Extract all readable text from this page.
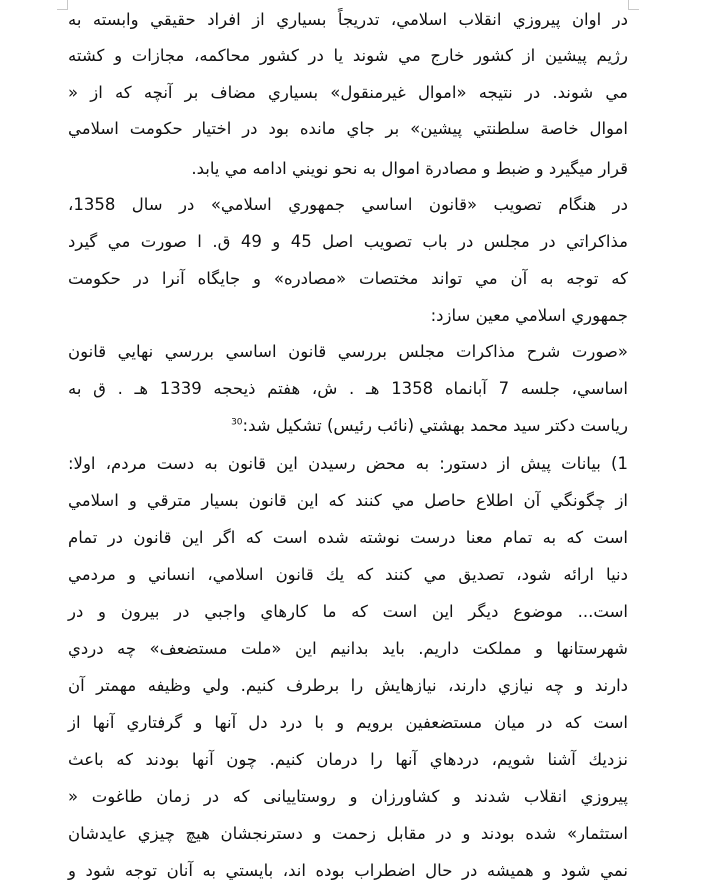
در اوان پيروزي انقلاب اسلامي، تدريجاً بسياري از افراد حقيقي وابسته به
رژيم پيشين از كشور خارج مي شوند يا در كشور محاكمه، مجازات و كشته
مي شوند. در نتيجه «اموال غيرمنقول» بسياري مضاف بر آنچه كه از «
اموال خاصة سلطنتي پيشين» بر جاي مانده بود در اختيار حكومت اسلامي
قرار ميگيرد و ضبط و مصادرة اموال به نحو نويني ادامه مي يابد.
در هنگام تصويب «قانون اساسي جمهوري اسلامي» در سال 1358،
مذاكراتي در مجلس در باب تصويب اصل 45 و 49 ق. ا صورت مي گيرد
كه توجه به آن مي تواند مختصات «مصادره» و جايگاه آنرا در حكومت
جمهوري اسلامي معين سازد:
«صورت شرح مذاكرات مجلس بررسي قانون اساسي بررسي نهايي قانون
اساسي، جلسه 7 آبانماه 1358 هـ . ش، هفتم ذيحجه 1339 هـ . ق به
رياست دكتر سيد محمد بهشتي (نائب رئيس) تشكيل شد:$^{30}$
1) بيانات پيش از دستور: به محض رسيدن اين قانون به دست مردم، اولا:
از چگونگي آن اطلاع حاصل مي كنند كه اين قانون بسيار مترقي و اسلامي
است كه به تمام معنا درست نوشته شده است كه اگر اين قانون در تمام
دنيا ارائه شود، تصديق مي كنند كه يك قانون اسلامي، انساني و مردمي
است... موضوع ديگر اين است كه ما كارهاي واجبي در بيرون و در
شهرستانها و مملكت داريم. بايد بدانيم اين «ملت مستضعف» چه دردي
دارند و چه نيازي دارند، نيازهايش را برطرف كنيم. ولي وظيفه مهمتر آن
است كه در ميان مستضعفين برويم و با درد دل آنها و گرفتاري آنها از
نزديك آشنا شويم، دردهاي آنها را درمان كنيم. چون آنها بودند كه باعث
پيروزي انقلاب شدند و كشاورزان و روستاييانى كه در زمان طاغوت «
استثمار» شده بودند و در مقابل زحمت و دسترنجشان هيچ چيزي عايدشان
نمي شود و هميشه در حال اضطراب بوده اند، بايستي به آنان توجه شود و
